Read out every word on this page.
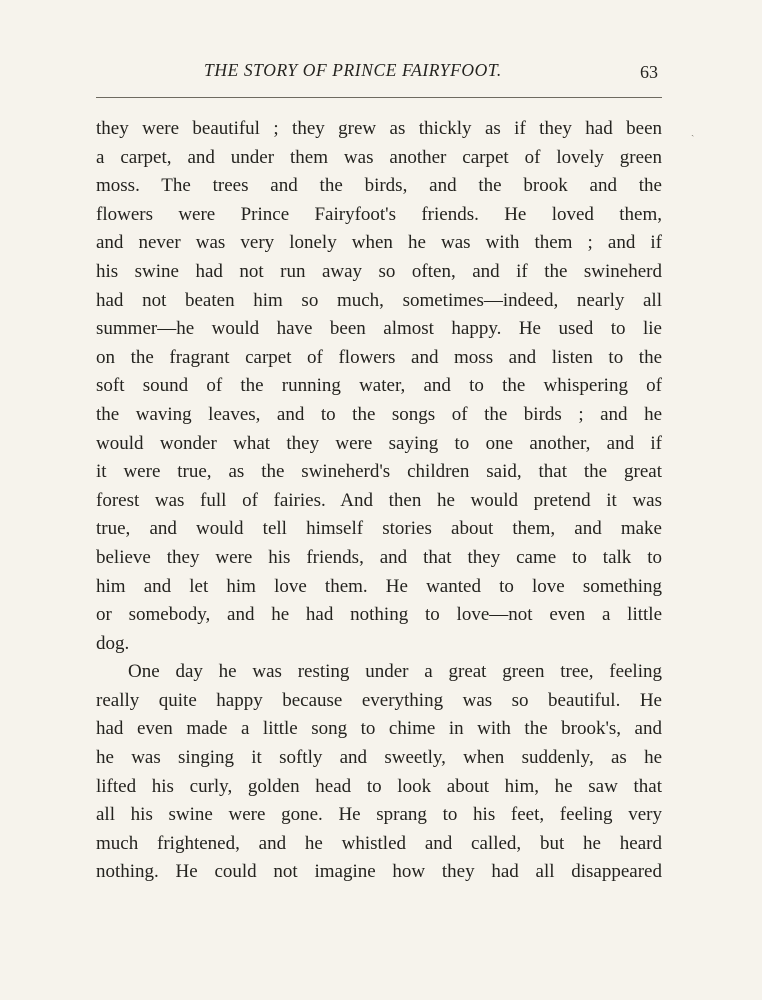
THE STORY OF PRINCE FAIRYFOOT.	63
ˎ
they were beautiful ; they grew as thickly as if they had been
a carpet, and under them was another carpet of lovely green
moss. The trees and the birds, and the brook and the
flowers were Prince Fairyfoot's friends. He loved them,
and never was very lonely when he was with them ; and if
his swine had not run away so often, and if the swineherd
had not beaten him so much, sometimes—indeed, nearly all
summer—he would have been almost happy. He used to lie
on the fragrant carpet of flowers and moss and listen to the
soft sound of the running water, and to the whispering of
the waving leaves, and to the songs of the birds ; and he
would wonder what they were saying to one another, and if
it were true, as the swineherd's children said, that the great
forest was full of fairies. And then he would pretend it was
true, and would tell himself stories about them, and make
believe they were his friends, and that they came to talk to
him and let him love them. He wanted to love something
or somebody, and he had nothing to love—not even a little
dog.
One day he was resting under a great green tree, feeling
really quite happy because everything was so beautiful. He
had even made a little song to chime in with the brook's, and
he was singing it softly and sweetly, when suddenly, as he
lifted his curly, golden head to look about him, he saw that
all his swine were gone. He sprang to his feet, feeling very
much frightened, and he whistled and called, but he heard
nothing. He could not imagine how they had all disappeared
